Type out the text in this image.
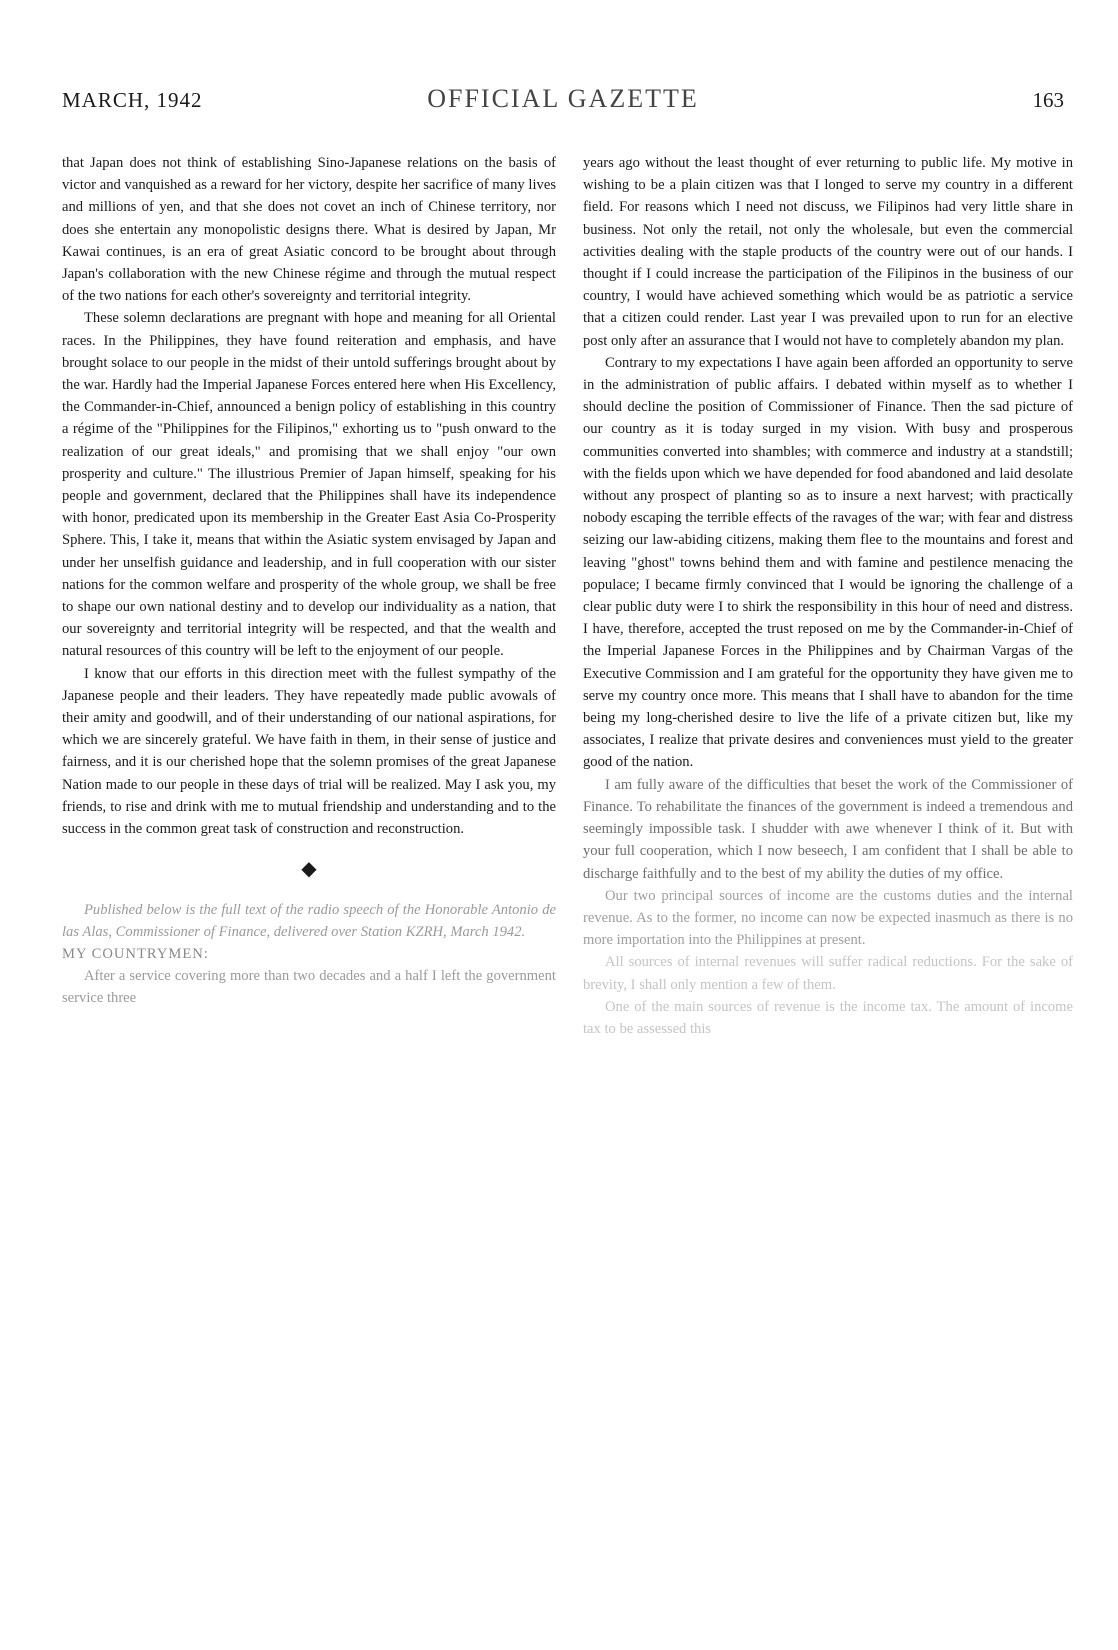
MARCH, 1942	OFFICIAL GAZETTE	163

that Japan does not think of establishing Sino-Japanese relations on the basis of victor and vanquished as a reward for her victory, despite her sacrifice of many lives and millions of yen, and that she does not covet an inch of Chinese territory, nor does she entertain any monopolistic designs there. What is desired by Japan, Mr Kawai continues, is an era of great Asiatic concord to be brought about through Japan's collaboration with the new Chinese régime and through the mutual respect of the two nations for each other's sovereignty and territorial integrity.

These solemn declarations are pregnant with hope and meaning for all Oriental races. In the Philippines, they have found reiteration and emphasis, and have brought solace to our people in the midst of their untold sufferings brought about by the war. Hardly had the Imperial Japanese Forces entered here when His Excellency, the Commander-in-Chief, announced a benign policy of establishing in this country a régime of the "Philippines for the Filipinos," exhorting us to "push onward to the realization of our great ideals," and promising that we shall enjoy "our own prosperity and culture." The illustrious Premier of Japan himself, speaking for his people and government, declared that the Philippines shall have its independence with honor, predicated upon its membership in the Greater East Asia Co-Prosperity Sphere. This, I take it, means that within the Asiatic system envisaged by Japan and under her unselfish guidance and leadership, and in full cooperation with our sister nations for the common welfare and prosperity of the whole group, we shall be free to shape our own national destiny and to develop our individuality as a nation, that our sovereignty and territorial integrity will be respected, and that the wealth and natural resources of this country will be left to the enjoyment of our people.

I know that our efforts in this direction meet with the fullest sympathy of the Japanese people and their leaders. They have repeatedly made public avowals of their amity and goodwill, and of their understanding of our national aspirations, for which we are sincerely grateful. We have faith in them, in their sense of justice and fairness, and it is our cherished hope that the solemn promises of the great Japanese Nation made to our people in these days of trial will be realized. May I ask you, my friends, to rise and drink with me to mutual friendship and understanding and to the success in the common great task of construction and reconstruction.

◆

Published below is the full text of the radio speech of the Honorable Antonio de las Alas, Commissioner of Finance, delivered over Station KZRH, March 1942.

MY COUNTRYMEN:

After a service covering more than two decades and a half I left the government service three

years ago without the least thought of ever returning to public life. My motive in wishing to be a plain citizen was that I longed to serve my country in a different field. For reasons which I need not discuss, we Filipinos had very little share in business. Not only the retail, not only the wholesale, but even the commercial activities dealing with the staple products of the country were out of our hands. I thought if I could increase the participation of the Filipinos in the business of our country, I would have achieved something which would be as patriotic a service that a citizen could render. Last year I was prevailed upon to run for an elective post only after an assurance that I would not have to completely abandon my plan.

Contrary to my expectations I have again been afforded an opportunity to serve in the administration of public affairs. I debated within myself as to whether I should decline the position of Commissioner of Finance. Then the sad picture of our country as it is today surged in my vision. With busy and prosperous communities converted into shambles; with commerce and industry at a standstill; with the fields upon which we have depended for food abandoned and laid desolate without any prospect of planting so as to insure a next harvest; with practically nobody escaping the terrible effects of the ravages of the war; with fear and distress seizing our law-abiding citizens, making them flee to the mountains and forest and leaving "ghost" towns behind them and with famine and pestilence menacing the populace; I became firmly convinced that I would be ignoring the challenge of a clear public duty were I to shirk the responsibility in this hour of need and distress. I have, therefore, accepted the trust reposed on me by the Commander-in-Chief of the Imperial Japanese Forces in the Philippines and by Chairman Vargas of the Executive Commission and I am grateful for the opportunity they have given me to serve my country once more. This means that I shall have to abandon for the time being my long-cherished desire to live the life of a private citizen but, like my associates, I realize that private desires and conveniences must yield to the greater good of the nation.

I am fully aware of the difficulties that beset the work of the Commissioner of Finance. To rehabilitate the finances of the government is indeed a tremendous and seemingly impossible task. I shudder with awe whenever I think of it. But with your full cooperation, which I now beseech, I am confident that I shall be able to discharge faithfully and to the best of my ability the duties of my office.

Our two principal sources of income are the customs duties and the internal revenue. As to the former, no income can now be expected inasmuch as there is no more importation into the Philippines at present.

All sources of internal revenues will suffer radical reductions. For the sake of brevity, I shall only mention a few of them.

One of the main sources of revenue is the income tax. The amount of income tax to be assessed this
